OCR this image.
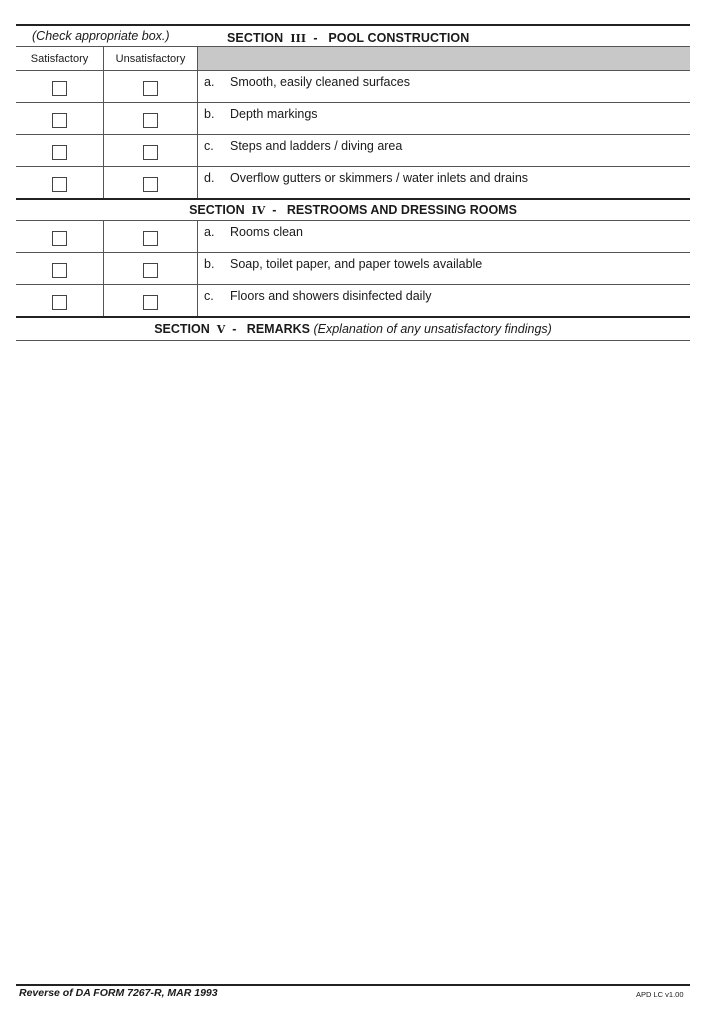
(Check appropriate box.)	SECTION III - POOL CONSTRUCTION
Satisfactory	Unsatisfactory
a. Smooth, easily cleaned surfaces
b. Depth markings
c. Steps and ladders / diving area
d. Overflow gutters or skimmers / water inlets and drains
SECTION IV - RESTROOMS AND DRESSING ROOMS
a. Rooms clean
b. Soap, toilet paper, and paper towels available
c. Floors and showers disinfected daily
SECTION V - REMARKS (Explanation of any unsatisfactory findings)
Reverse of DA FORM 7267-R, MAR 1993	APD LC v1.00
